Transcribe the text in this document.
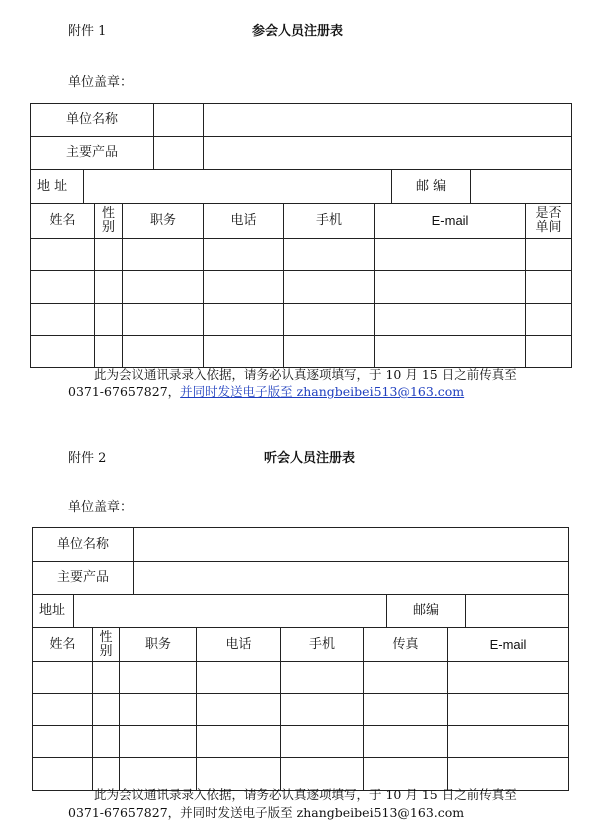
附件 1	参会人员注册表
单位盖章：
单位名称	

主要产品	

地 址		邮 编	

姓名	性别	职务	电话	手机	E-mail	是否单间

此为会议通讯录录入依据，请务必认真逐项填写，于 10 月 15 日之前传真至
0371-67657827，并同时发送电子版至 zhangbeibei513@163.com
附件 2	听会人员注册表
单位盖章：
单位名称	

主要产品	

地址		邮编	

姓名	性别	职务	电话	手机	传真	E-mail

此为会议通讯录录入依据，请务必认真逐项填写，于 10 月 15 日之前传真至
0371-67657827，并同时发送电子版至 zhangbeibei513@163.com
